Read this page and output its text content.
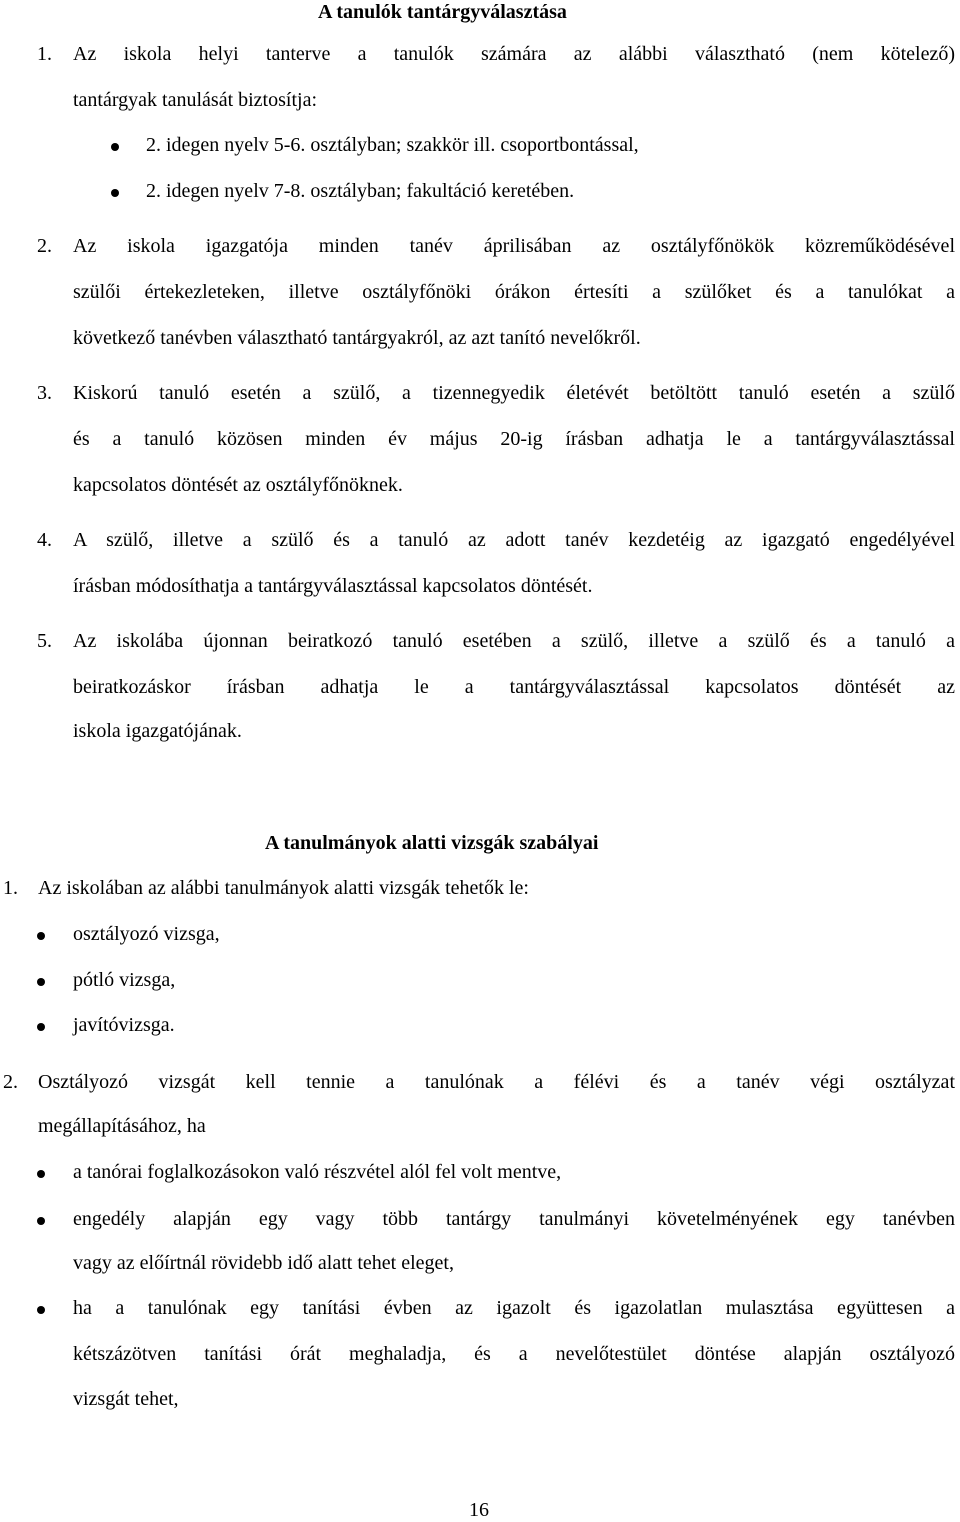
A tanulók tantárgyválasztása
1. Az iskola helyi tanterve a tanulók számára az alábbi választható (nem kötelező)
tantárgyak tanulását biztosítja:
2. idegen nyelv 5-6. osztályban; szakkör ill. csoportbontással,
2. idegen nyelv 7-8. osztályban; fakultáció keretében.
2. Az iskola igazgatója minden tanév áprilisában az osztályfőnökök közreműködésével
szülői értekezleteken, illetve osztályfőnöki órákon értesíti a szülőket és a tanulókat a
következő tanévben választható tantárgyakról, az azt tanító nevelőkről.
3. Kiskorú tanuló esetén a szülő, a tizennegyedik életévét betöltött tanuló esetén a szülő
és a tanuló közösen minden év május 20-ig írásban adhatja le a tantárgyválasztással
kapcsolatos döntését az osztályfőnöknek.
4. A szülő, illetve a szülő és a tanuló az adott tanév kezdetéig az igazgató engedélyével
írásban módosíthatja a tantárgyválasztással kapcsolatos döntését.
5. Az iskolába újonnan beiratkozó tanuló esetében a szülő, illetve a szülő és a tanuló a
beiratkozáskor írásban adhatja le a tantárgyválasztással kapcsolatos döntését az
iskola igazgatójának.
A tanulmányok alatti vizsgák szabályai
1. Az iskolában az alábbi tanulmányok alatti vizsgák tehetők le:
osztályozó vizsga,
pótló vizsga,
javítóvizsga.
2. Osztályozó vizsgát kell tennie a tanulónak a félévi és a tanév végi osztályzat
megállapításához, ha
a tanórai foglalkozásokon való részvétel alól fel volt mentve,
engedély alapján egy vagy több tantárgy tanulmányi követelményének egy tanévben
vagy az előírtnál rövidebb idő alatt tehet eleget,
ha a tanulónak egy tanítási évben az igazolt és igazolatlan mulasztása együttesen a
kétszázötven tanítási órát meghaladja, és a nevelőtestület döntése alapján osztályozó
vizsgát tehet,
16
